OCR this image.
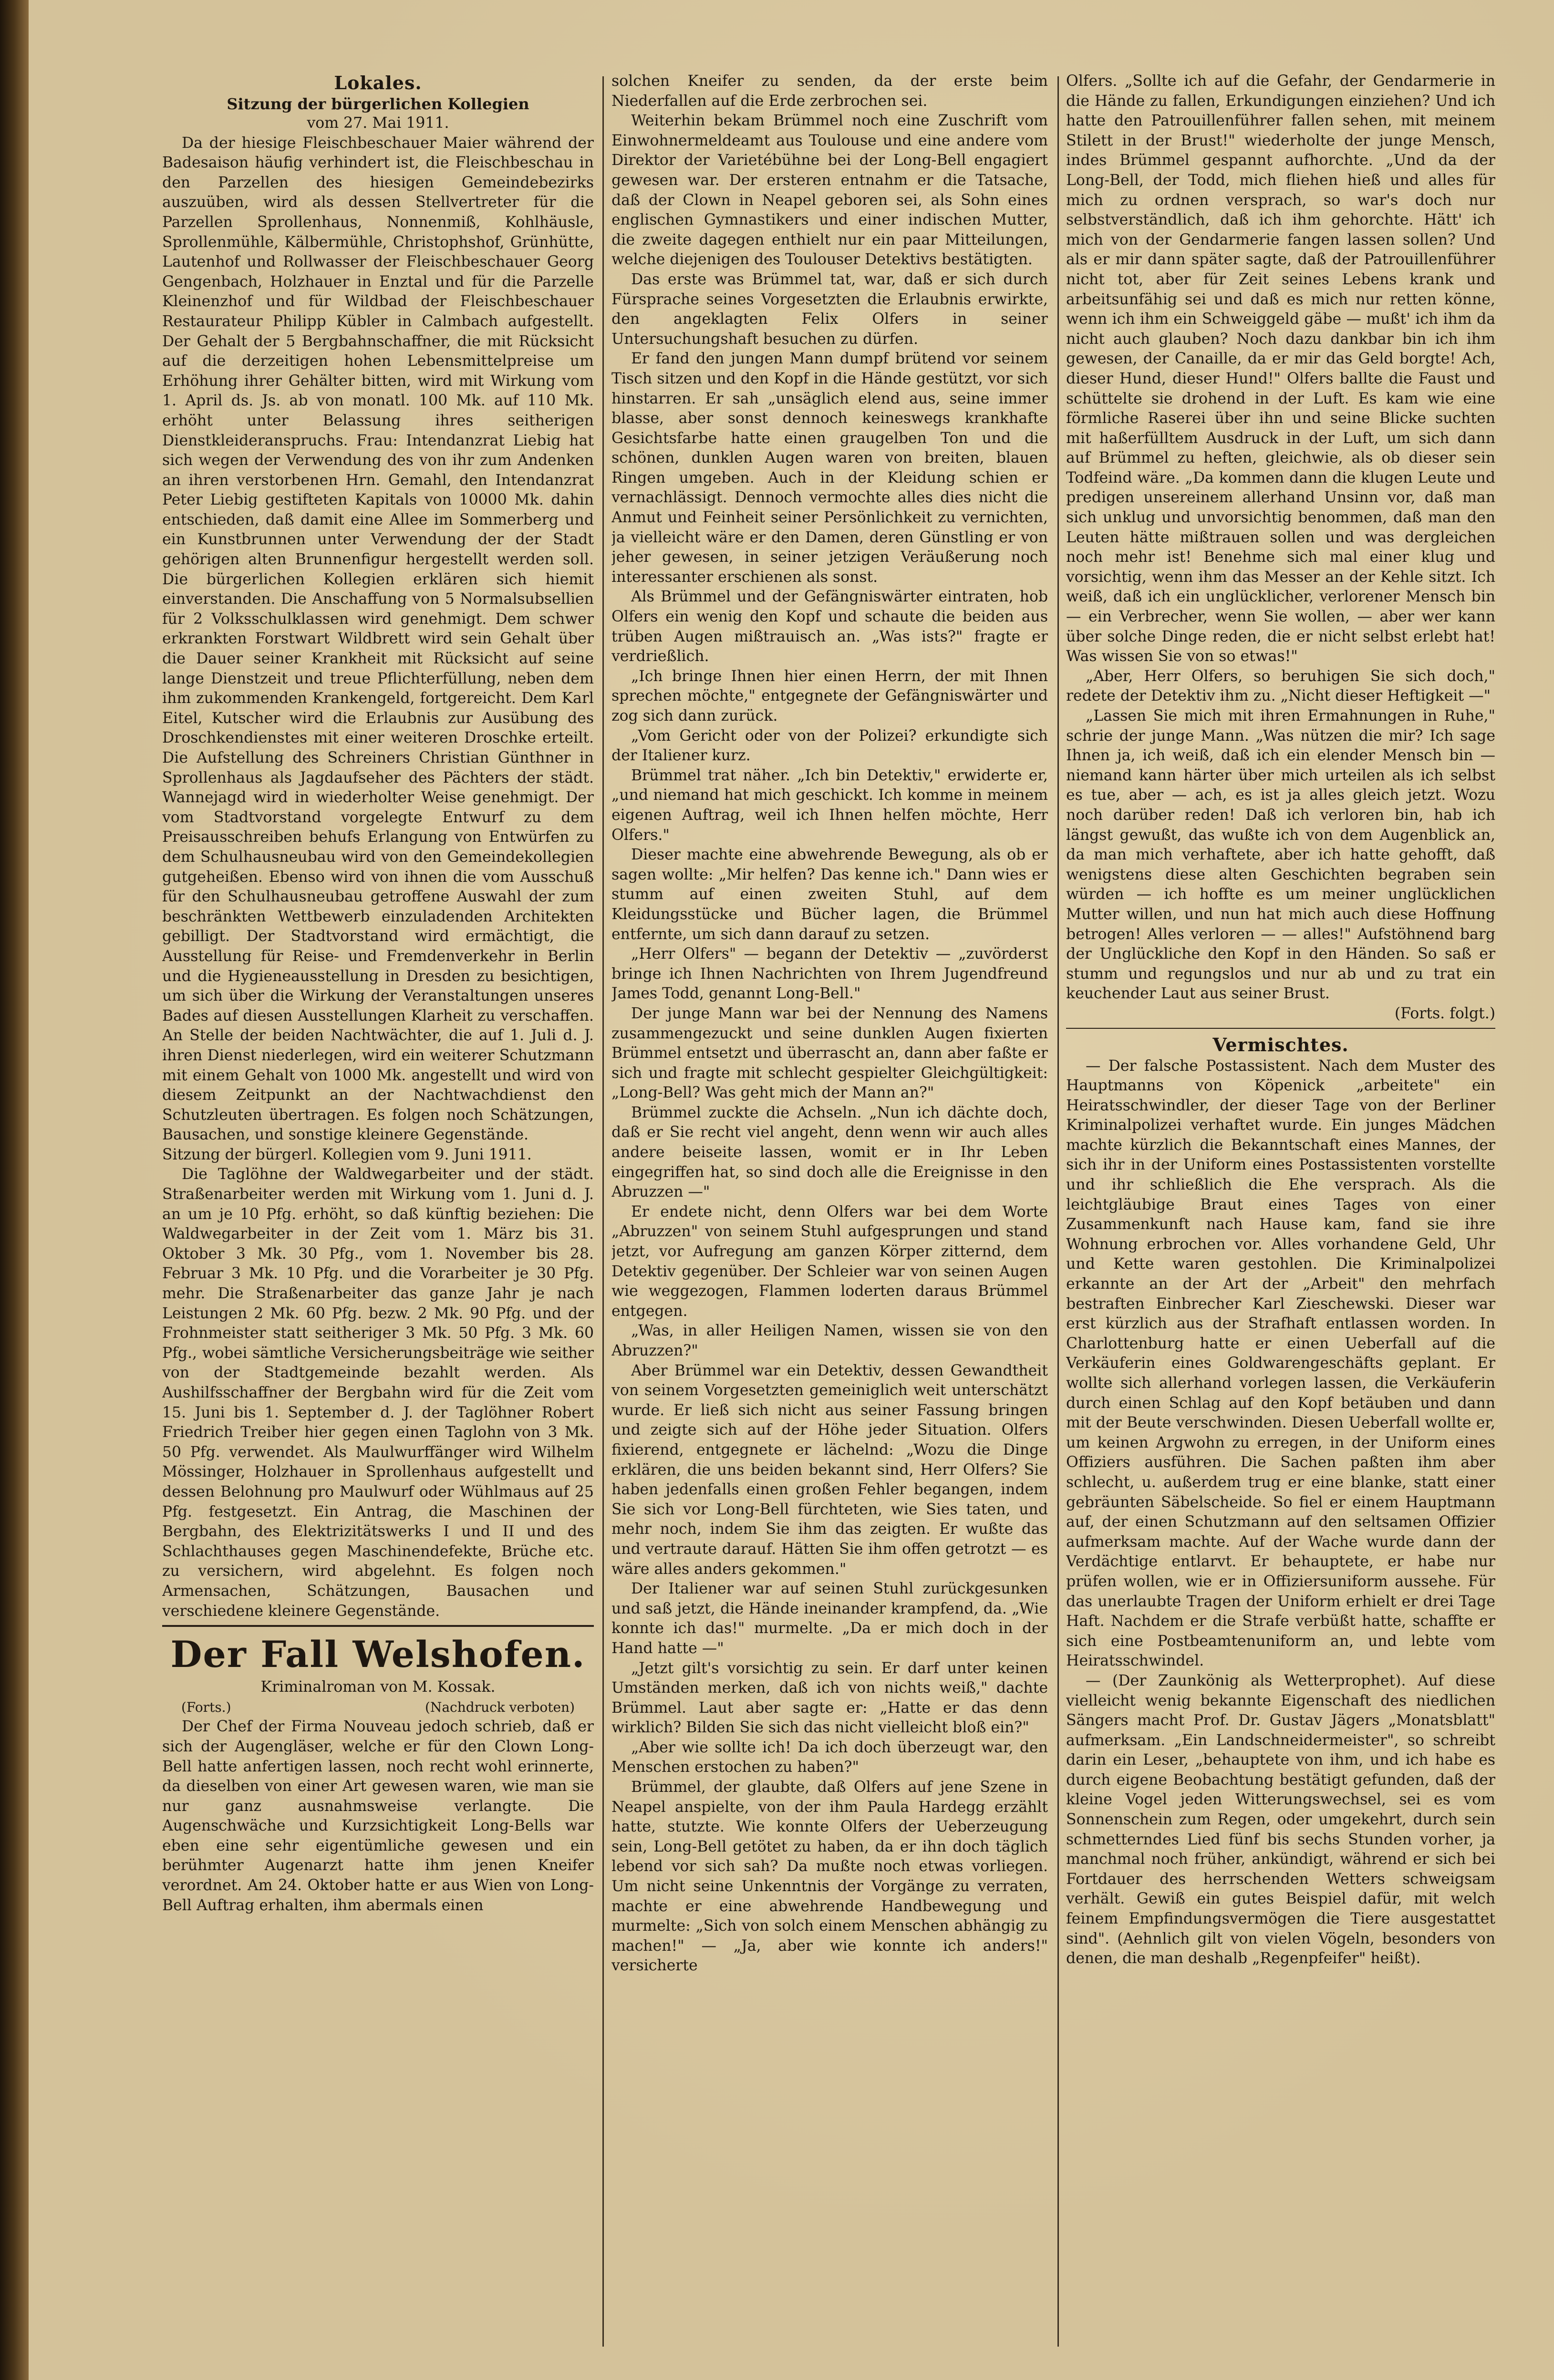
Lokales.

Sitzung der bürgerlichen Kollegien

vom 27. Mai 1911.

Da der hiesige Fleischbeschauer Maier während der Badesaison häufig verhindert ist, die Fleischbeschau in den Parzellen des hiesigen Gemeindebezirks auszuüben, wird als dessen Stellvertreter für die Parzellen Sprollenhaus, Nonnenmiß, Kohlhäusle, Sprollenmühle, Kälbermühle, Christophshof, Grünhütte, Lautenhof und Rollwasser der Fleischbeschauer Georg Gengenbach, Holzhauer in Enztal und für die Parzelle Kleinenzhof und für Wildbad der Fleischbeschauer Restaurateur Philipp Kübler in Calmbach aufgestellt. Der Gehalt der 5 Bergbahnschaffner, die mit Rücksicht auf die derzeitigen hohen Lebensmittelpreise um Erhöhung ihrer Gehälter bitten, wird mit Wirkung vom 1. April ds. Js. ab von monatl. 100 Mk. auf 110 Mk. erhöht unter Belassung ihres seitherigen Dienstkleideranspruchs. Frau: Intendanzrat Liebig hat sich wegen der Verwendung des von ihr zum Andenken an ihren verstorbenen Hrn. Gemahl, den Intendanzrat Peter Liebig gestifteten Kapitals von 10000 Mk. dahin entschieden, daß damit eine Allee im Sommerberg und ein Kunstbrunnen unter Verwendung der der Stadt gehörigen alten Brunnenfigur hergestellt werden soll. Die bürgerlichen Kollegien erklären sich hiemit einverstanden. Die Anschaffung von 5 Normalsubsellien für 2 Volksschulklassen wird genehmigt. Dem schwer erkrankten Forstwart Wildbrett wird sein Gehalt über die Dauer seiner Krankheit mit Rücksicht auf seine lange Dienstzeit und treue Pflichterfüllung, neben dem ihm zukommenden Krankengeld, fortgereicht. Dem Karl Eitel, Kutscher wird die Erlaubnis zur Ausübung des Droschkendienstes mit einer weiteren Droschke erteilt. Die Aufstellung des Schreiners Christian Günthner in Sprollenhaus als Jagdaufseher des Pächters der städt. Wannejagd wird in wiederholter Weise genehmigt. Der vom Stadtvorstand vorgelegte Entwurf zu dem Preisausschreiben behufs Erlangung von Entwürfen zu dem Schulhausneubau wird von den Gemeindekollegien gutgeheißen. Ebenso wird von ihnen die vom Ausschuß für den Schulhausneubau getroffene Auswahl der zum beschränkten Wettbewerb einzuladenden Architekten gebilligt. Der Stadtvorstand wird ermächtigt, die Ausstellung für Reise- und Fremdenverkehr in Berlin und die Hygieneausstellung in Dresden zu besichtigen, um sich über die Wirkung der Veranstaltungen unseres Bades auf diesen Ausstellungen Klarheit zu verschaffen. An Stelle der beiden Nachtwächter, die auf 1. Juli d. J. ihren Dienst niederlegen, wird ein weiterer Schutzmann mit einem Gehalt von 1000 Mk. angestellt und wird von diesem Zeitpunkt an der Nachtwachdienst den Schutzleuten übertragen. Es folgen noch Schätzungen, Bausachen, und sonstige kleinere Gegenstände.

Sitzung der bürgerl. Kollegien vom 9. Juni 1911.

Die Taglöhne der Waldwegarbeiter und der städt. Straßenarbeiter werden mit Wirkung vom 1. Juni d. J. an um je 10 Pfg. erhöht, so daß künftig beziehen: Die Waldwegarbeiter in der Zeit vom 1. März bis 31. Oktober 3 Mk. 30 Pfg., vom 1. November bis 28. Februar 3 Mk. 10 Pfg. und die Vorarbeiter je 30 Pfg. mehr. Die Straßenarbeiter das ganze Jahr je nach Leistungen 2 Mk. 60 Pfg. bezw. 2 Mk. 90 Pfg. und der Frohnmeister statt seitheriger 3 Mk. 50 Pfg. 3 Mk. 60 Pfg., wobei sämtliche Versicherungsbeiträge wie seither von der Stadtgemeinde bezahlt werden. Als Aushilfsschaffner der Bergbahn wird für die Zeit vom 15. Juni bis 1. September d. J. der Taglöhner Robert Friedrich Treiber hier gegen einen Taglohn von 3 Mk. 50 Pfg. verwendet. Als Maulwurffänger wird Wilhelm Mössinger, Holzhauer in Sprollenhaus aufgestellt und dessen Belohnung pro Maulwurf oder Wühlmaus auf 25 Pfg. festgesetzt. Ein Antrag, die Maschinen der Bergbahn, des Elektrizitätswerks I und II und des Schlachthauses gegen Maschinendefekte, Brüche etc. zu versichern, wird abgelehnt. Es folgen noch Armensachen, Schätzungen, Bausachen und verschiedene kleinere Gegenstände.

Der Fall Welshofen.

Kriminalroman von M. Kossak.

(Forts.)	(Nachdruck verboten)

Der Chef der Firma Nouveau jedoch schrieb, daß er sich der Augengläser, welche er für den Clown Long-Bell hatte anfertigen lassen, noch recht wohl erinnerte, da dieselben von einer Art gewesen waren, wie man sie nur ganz ausnahmsweise verlangte. Die Augenschwäche und Kurzsichtigkeit Long-Bells war eben eine sehr eigentümliche gewesen und ein berühmter Augenarzt hatte ihm jenen Kneifer verordnet. Am 24. Oktober hatte er aus Wien von Long-Bell Auftrag erhalten, ihm abermals einen

solchen Kneifer zu senden, da der erste beim Niederfallen auf die Erde zerbrochen sei.

Weiterhin bekam Brümmel noch eine Zuschrift vom Einwohnermeldeamt aus Toulouse und eine andere vom Direktor der Varietébühne bei der Long-Bell engagiert gewesen war. Der ersteren entnahm er die Tatsache, daß der Clown in Neapel geboren sei, als Sohn eines englischen Gymnastikers und einer indischen Mutter, die zweite dagegen enthielt nur ein paar Mitteilungen, welche diejenigen des Toulouser Detektivs bestätigten.

Das erste was Brümmel tat, war, daß er sich durch Fürsprache seines Vorgesetzten die Erlaubnis erwirkte, den angeklagten Felix Olfers in seiner Untersuchungshaft besuchen zu dürfen.

Er fand den jungen Mann dumpf brütend vor seinem Tisch sitzen und den Kopf in die Hände gestützt, vor sich hinstarren. Er sah „unsäglich elend aus, seine immer blasse, aber sonst dennoch keineswegs krankhafte Gesichtsfarbe hatte einen graugelben Ton und die schönen, dunklen Augen waren von breiten, blauen Ringen umgeben. Auch in der Kleidung schien er vernachlässigt. Dennoch vermochte alles dies nicht die Anmut und Feinheit seiner Persönlichkeit zu vernichten, ja vielleicht wäre er den Damen, deren Günstling er von jeher gewesen, in seiner jetzigen Veräußerung noch interessanter erschienen als sonst.

Als Brümmel und der Gefängniswärter eintraten, hob Olfers ein wenig den Kopf und schaute die beiden aus trüben Augen mißtrauisch an. „Was ists?" fragte er verdrießlich.

„Ich bringe Ihnen hier einen Herrn, der mit Ihnen sprechen möchte," entgegnete der Gefängniswärter und zog sich dann zurück.

„Vom Gericht oder von der Polizei? erkundigte sich der Italiener kurz.

Brümmel trat näher. „Ich bin Detektiv," erwiderte er, „und niemand hat mich geschickt. Ich komme in meinem eigenen Auftrag, weil ich Ihnen helfen möchte, Herr Olfers."

Dieser machte eine abwehrende Bewegung, als ob er sagen wollte: „Mir helfen? Das kenne ich." Dann wies er stumm auf einen zweiten Stuhl, auf dem Kleidungsstücke und Bücher lagen, die Brümmel entfernte, um sich dann darauf zu setzen.

„Herr Olfers" — begann der Detektiv — „zuvörderst bringe ich Ihnen Nachrichten von Ihrem Jugendfreund James Todd, genannt Long-Bell."

Der junge Mann war bei der Nennung des Namens zusammengezuckt und seine dunklen Augen fixierten Brümmel entsetzt und überrascht an, dann aber faßte er sich und fragte mit schlecht gespielter Gleichgültigkeit: „Long-Bell? Was geht mich der Mann an?"

Brümmel zuckte die Achseln. „Nun ich dächte doch, daß er Sie recht viel angeht, denn wenn wir auch alles andere beiseite lassen, womit er in Ihr Leben eingegriffen hat, so sind doch alle die Ereignisse in den Abruzzen —"

Er endete nicht, denn Olfers war bei dem Worte „Abruzzen" von seinem Stuhl aufgesprungen und stand jetzt, vor Aufregung am ganzen Körper zitternd, dem Detektiv gegenüber. Der Schleier war von seinen Augen wie weggezogen, Flammen loderten daraus Brümmel entgegen.

„Was, in aller Heiligen Namen, wissen sie von den Abruzzen?"

Aber Brümmel war ein Detektiv, dessen Gewandtheit von seinem Vorgesetzten gemeiniglich weit unterschätzt wurde. Er ließ sich nicht aus seiner Fassung bringen und zeigte sich auf der Höhe jeder Situation. Olfers fixierend, entgegnete er lächelnd: „Wozu die Dinge erklären, die uns beiden bekannt sind, Herr Olfers? Sie haben jedenfalls einen großen Fehler begangen, indem Sie sich vor Long-Bell fürchteten, wie Sies taten, und mehr noch, indem Sie ihm das zeigten. Er wußte das und vertraute darauf. Hätten Sie ihm offen getrotzt — es wäre alles anders gekommen."

Der Italiener war auf seinen Stuhl zurückgesunken und saß jetzt, die Hände ineinander krampfend, da. „Wie konnte ich das!" murmelte. „Da er mich doch in der Hand hatte —"

„Jetzt gilt's vorsichtig zu sein. Er darf unter keinen Umständen merken, daß ich von nichts weiß," dachte Brümmel. Laut aber sagte er: „Hatte er das denn wirklich? Bilden Sie sich das nicht vielleicht bloß ein?"

„Aber wie sollte ich! Da ich doch überzeugt war, den Menschen erstochen zu haben?"

Brümmel, der glaubte, daß Olfers auf jene Szene in Neapel anspielte, von der ihm Paula Hardegg erzählt hatte, stutzte. Wie konnte Olfers der Ueberzeugung sein, Long-Bell getötet zu haben, da er ihn doch täglich lebend vor sich sah? Da mußte noch etwas vorliegen. Um nicht seine Unkenntnis der Vorgänge zu verraten, machte er eine abwehrende Handbewegung und murmelte: „Sich von solch einem Menschen abhängig zu machen!" — „Ja, aber wie konnte ich anders!" versicherte

Olfers. „Sollte ich auf die Gefahr, der Gendarmerie in die Hände zu fallen, Erkundigungen einziehen? Und ich hatte den Patrouillenführer fallen sehen, mit meinem Stilett in der Brust!" wiederholte der junge Mensch, indes Brümmel gespannt aufhorchte. „Und da der Long-Bell, der Todd, mich fliehen hieß und alles für mich zu ordnen versprach, so war's doch nur selbstverständlich, daß ich ihm gehorchte. Hätt' ich mich von der Gendarmerie fangen lassen sollen? Und als er mir dann später sagte, daß der Patrouillenführer nicht tot, aber für Zeit seines Lebens krank und arbeitsunfähig sei und daß es mich nur retten könne, wenn ich ihm ein Schweiggeld gäbe — mußt' ich ihm da nicht auch glauben? Noch dazu dankbar bin ich ihm gewesen, der Canaille, da er mir das Geld borgte! Ach, dieser Hund, dieser Hund!" Olfers ballte die Faust und schüttelte sie drohend in der Luft. Es kam wie eine förmliche Raserei über ihn und seine Blicke suchten mit haßerfülltem Ausdruck in der Luft, um sich dann auf Brümmel zu heften, gleichwie, als ob dieser sein Todfeind wäre. „Da kommen dann die klugen Leute und predigen unsereinem allerhand Unsinn vor, daß man sich unklug und unvorsichtig benommen, daß man den Leuten hätte mißtrauen sollen und was dergleichen noch mehr ist! Benehme sich mal einer klug und vorsichtig, wenn ihm das Messer an der Kehle sitzt. Ich weiß, daß ich ein unglücklicher, verlorener Mensch bin — ein Verbrecher, wenn Sie wollen, — aber wer kann über solche Dinge reden, die er nicht selbst erlebt hat! Was wissen Sie von so etwas!"

„Aber, Herr Olfers, so beruhigen Sie sich doch," redete der Detektiv ihm zu. „Nicht dieser Heftigkeit —"

„Lassen Sie mich mit ihren Ermahnungen in Ruhe," schrie der junge Mann. „Was nützen die mir? Ich sage Ihnen ja, ich weiß, daß ich ein elender Mensch bin — niemand kann härter über mich urteilen als ich selbst es tue, aber — ach, es ist ja alles gleich jetzt. Wozu noch darüber reden! Daß ich verloren bin, hab ich längst gewußt, das wußte ich von dem Augenblick an, da man mich verhaftete, aber ich hatte gehofft, daß wenigstens diese alten Geschichten begraben sein würden — ich hoffte es um meiner unglücklichen Mutter willen, und nun hat mich auch diese Hoffnung betrogen! Alles verloren — — alles!" Aufstöhnend barg der Unglückliche den Kopf in den Händen. So saß er stumm und regungslos und nur ab und zu trat ein keuchender Laut aus seiner Brust.

(Forts. folgt.)

Vermischtes.

— Der falsche Postassistent. Nach dem Muster des Hauptmanns von Köpenick „arbeitete" ein Heiratsschwindler, der dieser Tage von der Berliner Kriminalpolizei verhaftet wurde. Ein junges Mädchen machte kürzlich die Bekanntschaft eines Mannes, der sich ihr in der Uniform eines Postassistenten vorstellte und ihr schließlich die Ehe versprach. Als die leichtgläubige Braut eines Tages von einer Zusammenkunft nach Hause kam, fand sie ihre Wohnung erbrochen vor. Alles vorhandene Geld, Uhr und Kette waren gestohlen. Die Kriminalpolizei erkannte an der Art der „Arbeit" den mehrfach bestraften Einbrecher Karl Zieschewski. Dieser war erst kürzlich aus der Strafhaft entlassen worden. In Charlottenburg hatte er einen Ueberfall auf die Verkäuferin eines Goldwarengeschäfts geplant. Er wollte sich allerhand vorlegen lassen, die Verkäuferin durch einen Schlag auf den Kopf betäuben und dann mit der Beute verschwinden. Diesen Ueberfall wollte er, um keinen Argwohn zu erregen, in der Uniform eines Offiziers ausführen. Die Sachen paßten ihm aber schlecht, u. außerdem trug er eine blanke, statt einer gebräunten Säbelscheide. So fiel er einem Hauptmann auf, der einen Schutzmann auf den seltsamen Offizier aufmerksam machte. Auf der Wache wurde dann der Verdächtige entlarvt. Er behauptete, er habe nur prüfen wollen, wie er in Offiziersuniform aussehe. Für das unerlaubte Tragen der Uniform erhielt er drei Tage Haft. Nachdem er die Strafe verbüßt hatte, schaffte er sich eine Postbeamtenuniform an, und lebte vom Heiratsschwindel.

— (Der Zaunkönig als Wetterprophet). Auf diese vielleicht wenig bekannte Eigenschaft des niedlichen Sängers macht Prof. Dr. Gustav Jägers „Monatsblatt" aufmerksam. „Ein Landschneidermeister", so schreibt darin ein Leser, „behauptete von ihm, und ich habe es durch eigene Beobachtung bestätigt gefunden, daß der kleine Vogel jeden Witterungswechsel, sei es vom Sonnenschein zum Regen, oder umgekehrt, durch sein schmetterndes Lied fünf bis sechs Stunden vorher, ja manchmal noch früher, ankündigt, während er sich bei Fortdauer des herrschenden Wetters schweigsam verhält. Gewiß ein gutes Beispiel dafür, mit welch feinem Empfindungsvermögen die Tiere ausgestattet sind". (Aehnlich gilt von vielen Vögeln, besonders von denen, die man deshalb „Regenpfeifer" heißt).
